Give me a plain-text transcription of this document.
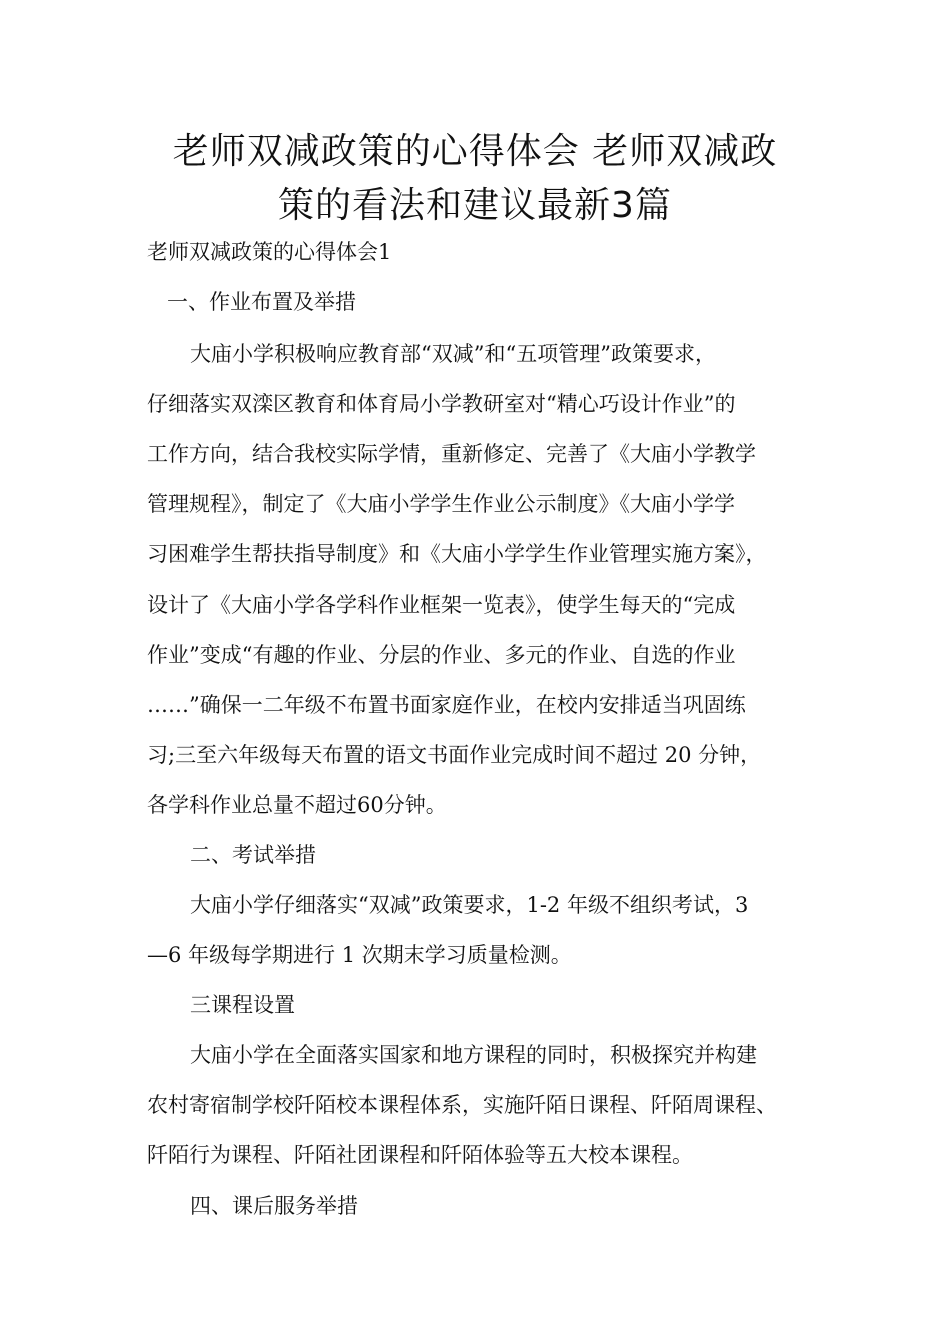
老师双减政策的心得体会 老师双减政
策的看法和建议最新3篇
老师双减政策的心得体会1
一、作业布置及举措
大庙小学积极响应教育部“双减”和“五项管理”政策要求，
仔细落实双滦区教育和体育局小学教研室对“精心巧设计作业”的
工作方向，结合我校实际学情，重新修定、完善了《大庙小学教学
管理规程》，制定了《大庙小学学生作业公示制度》《大庙小学学
习困难学生帮扶指导制度》和《大庙小学学生作业管理实施方案》，
设计了《大庙小学各学科作业框架一览表》，使学生每天的“完成
作业”变成“有趣的作业、分层的作业、多元的作业、自选的作业
……”确保一二年级不布置书面家庭作业，在校内安排适当巩固练
习;三至六年级每天布置的语文书面作业完成时间不超过 20 分钟，
各学科作业总量不超过60分钟。
二、考试举措
大庙小学仔细落实“双减”政策要求，1-2 年级不组织考试，3
—6 年级每学期进行 1 次期末学习质量检测。
三课程设置
大庙小学在全面落实国家和地方课程的同时，积极探究并构建
农村寄宿制学校阡陌校本课程体系，实施阡陌日课程、阡陌周课程、
阡陌行为课程、阡陌社团课程和阡陌体验等五大校本课程。
四、课后服务举措
